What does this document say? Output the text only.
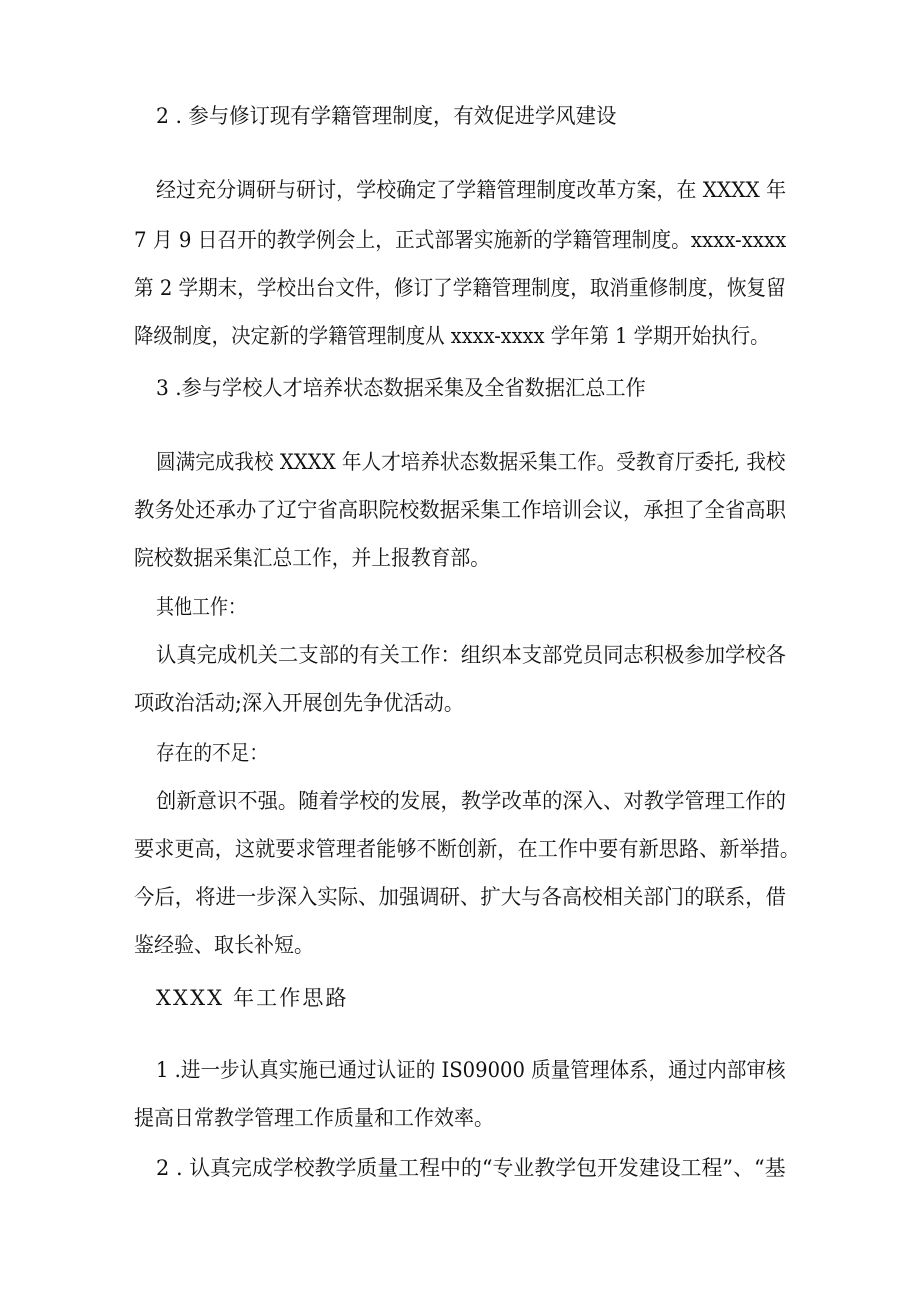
2 . 参与修订现有学籍管理制度，有效促进学风建设
经过充分调研与研讨，学校确定了学籍管理制度改革方案，在 XXXX 年
7 月 9 日召开的教学例会上，正式部署实施新的学籍管理制度。xxxx-xxxx
第 2 学期末，学校出台文件，修订了学籍管理制度，取消重修制度，恢复留
降级制度，决定新的学籍管理制度从 xxxx-xxxx 学年第 1 学期开始执行。
3 .参与学校人才培养状态数据采集及全省数据汇总工作
圆满完成我校 XXXX 年人才培养状态数据采集工作。受教育厅委托, 我校
教务处还承办了辽宁省高职院校数据采集工作培训会议，承担了全省高职
院校数据采集汇总工作，并上报教育部。
其他工作：
认真完成机关二支部的有关工作：组织本支部党员同志积极参加学校各
项政治活动;深入开展创先争优活动。
存在的不足：
创新意识不强。随着学校的发展，教学改革的深入、对教学管理工作的
要求更高，这就要求管理者能够不断创新，在工作中要有新思路、新举措。
今后，将进一步深入实际、加强调研、扩大与各高校相关部门的联系，借
鉴经验、取长补短。
XXXX 年工作思路
1 .进一步认真实施已通过认证的 IS09000 质量管理体系，通过内部审核
提高日常教学管理工作质量和工作效率。
2 . 认真完成学校教学质量工程中的“专业教学包开发建设工程”、“基
